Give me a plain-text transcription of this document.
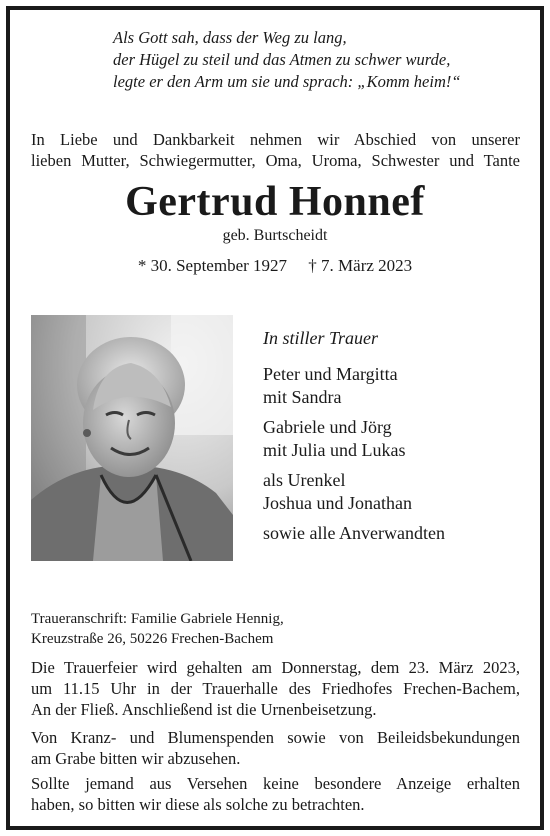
Als Gott sah, dass der Weg zu lang,
der Hügel zu steil und das Atmen zu schwer wurde,
legte er den Arm um sie und sprach: „Komm heim!“
In Liebe und Dankbarkeit nehmen wir Abschied von unserer
lieben Mutter, Schwiegermutter, Oma, Uroma, Schwester und Tante
Gertrud Honnef
geb. Burtscheidt
* 30. September 1927     † 7. März 2023
In stiller Trauer
Peter und Margitta
mit Sandra
Gabriele und Jörg
mit Julia und Lukas
als Urenkel
Joshua und Jonathan
sowie alle Anverwandten
Traueranschrift: Familie Gabriele Hennig,
Kreuzstraße 26, 50226 Frechen-Bachem
Die Trauerfeier wird gehalten am Donnerstag, dem 23. März 2023,
um 11.15 Uhr in der Trauerhalle des Friedhofes Frechen-Bachem,
An der Fließ. Anschließend ist die Urnenbeisetzung.
Von Kranz- und Blumenspenden sowie von Beileidsbekundungen
am Grabe bitten wir abzusehen.
Sollte jemand aus Versehen keine besondere Anzeige erhalten
haben, so bitten wir diese als solche zu betrachten.
